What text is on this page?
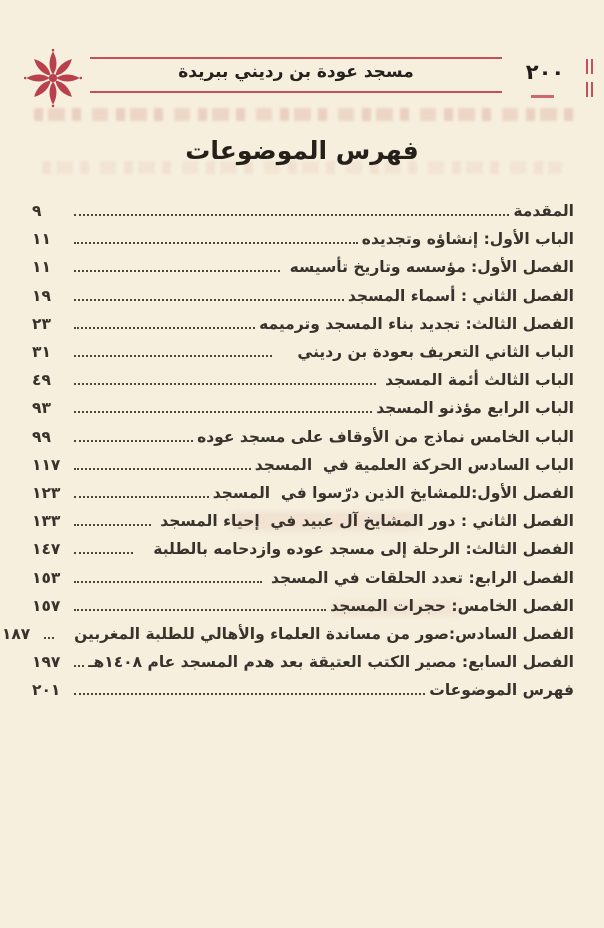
مسجد عودة بن رديني ببريدة	٢٠٠
فهرس الموضوعات
المقدمة
٩
الباب الأول: إنشاؤه وتجديده
١١
الفصل الأول: مؤسسه وتاريخ تأسيسه
١١
الفصل الثاني : أسماء المسجد
١٩
الفصل الثالث: تجديد بناء المسجد وترميمه
٢٣
الباب الثاني التعريف بعودة بن رديني
٣١
الباب الثالث أئمة المسجد
٤٩
الباب الرابع مؤذنو المسجد
٩٣
الباب الخامس نماذج من الأوقاف على مسجد عوده
٩٩
الباب السادس الحركة العلمية في  المسجد
١١٧
الفصل الأول:للمشايخ الذين درّسوا في  المسجد
١٢٣
الفصل الثاني : دور المشايخ آل عبيد في  إحياء المسجد
١٣٣
الفصل الثالث: الرحلة إلى مسجد عوده وازدحامه بالطلبة
١٤٧
الفصل الرابع: تعدد الحلقات في المسجد
١٥٣
الفصل الخامس: حجرات المسجد
١٥٧
الفصل السادس:صور من مساندة العلماء والأهالي للطلبة المغربين
١٨٧
الفصل السابع: مصير الكتب العتيقة بعد هدم المسجد عام ١٤٠٨هـ
١٩٧
فهرس الموضوعات
٢٠١
